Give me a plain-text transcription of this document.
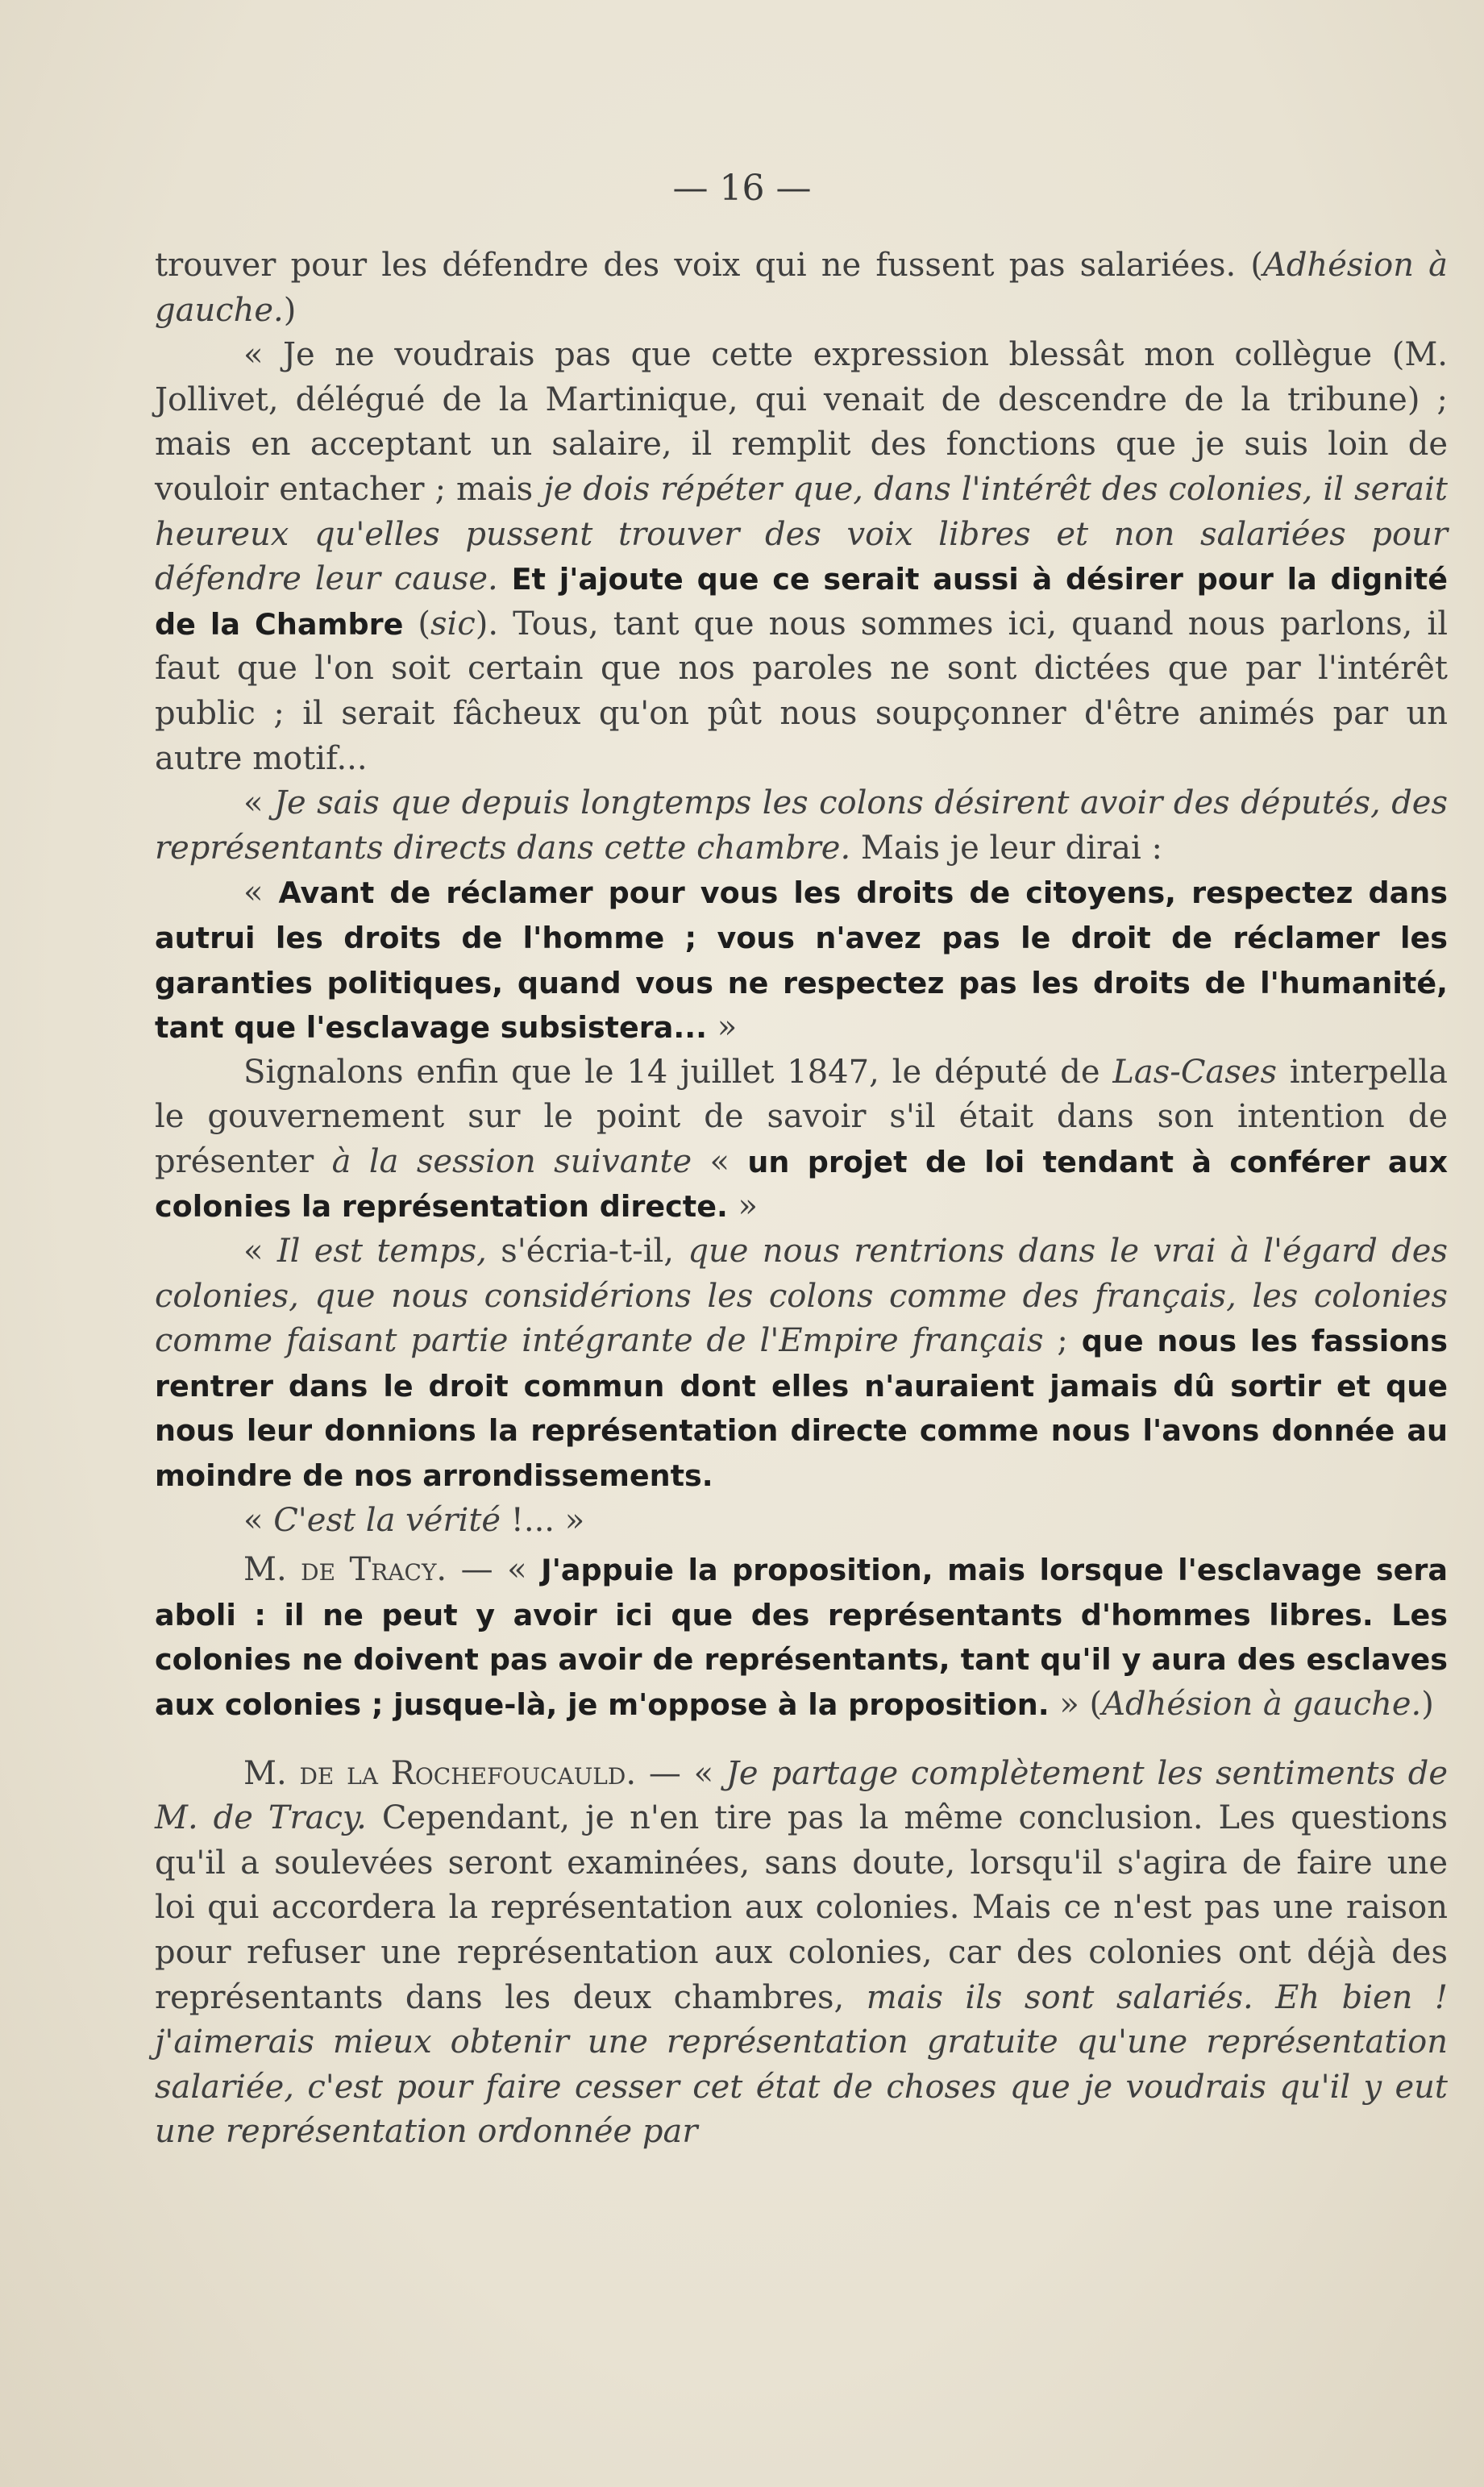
— 16 —

trouver pour les défendre des voix qui ne fussent pas salariées. (Adhésion à gauche.)

« Je ne voudrais pas que cette expression blessât mon collègue (M. Jollivet, délégué de la Martinique, qui venait de descendre de la tribune) ; mais en acceptant un salaire, il remplit des fonctions que je suis loin de vouloir entacher ; mais je dois répéter que, dans l'intérêt des colonies, il serait heureux qu'elles pussent trouver des voix libres et non salariées pour défendre leur cause. Et j'ajoute que ce serait aussi à désirer pour la dignité de la Chambre (sic). Tous, tant que nous sommes ici, quand nous parlons, il faut que l'on soit certain que nos paroles ne sont dictées que par l'intérêt public ; il serait fâcheux qu'on pût nous soupçonner d'être animés par un autre motif...

« Je sais que depuis longtemps les colons désirent avoir des députés, des représentants directs dans cette chambre. Mais je leur dirai :

« Avant de réclamer pour vous les droits de citoyens, respectez dans autrui les droits de l'homme ; vous n'avez pas le droit de réclamer les garanties politiques, quand vous ne respectez pas les droits de l'humanité, tant que l'esclavage subsistera... »

Signalons enfin que le 14 juillet 1847, le député de Las-Cases interpella le gouvernement sur le point de savoir s'il était dans son intention de présenter à la session suivante « un projet de loi tendant à conférer aux colonies la représentation directe. »

« Il est temps, s'écria-t-il, que nous rentrions dans le vrai à l'égard des colonies, que nous considérions les colons comme des français, les colonies comme faisant partie intégrante de l'Empire français ; que nous les fassions rentrer dans le droit commun dont elles n'auraient jamais dû sortir et que nous leur donnions la représentation directe comme nous l'avons donnée au moindre de nos arrondissements.

« C'est la vérité !... »

M. de Tracy. — « J'appuie la proposition, mais lorsque l'esclavage sera aboli : il ne peut y avoir ici que des représentants d'hommes libres. Les colonies ne doivent pas avoir de représentants, tant qu'il y aura des esclaves aux colonies ; jusque-là, je m'oppose à la proposition. » (Adhésion à gauche.)

M. de la Rochefoucauld. — « Je partage complètement les sentiments de M. de Tracy. Cependant, je n'en tire pas la même conclusion. Les questions qu'il a soulevées seront examinées, sans doute, lorsqu'il s'agira de faire une loi qui accordera la représentation aux colonies. Mais ce n'est pas une raison pour refuser une représentation aux colonies, car des colonies ont déjà des représentants dans les deux chambres, mais ils sont salariés. Eh bien ! j'aimerais mieux obtenir une représentation gratuite qu'une représentation salariée, c'est pour faire cesser cet état de choses que je voudrais qu'il y eut une représentation ordonnée par
